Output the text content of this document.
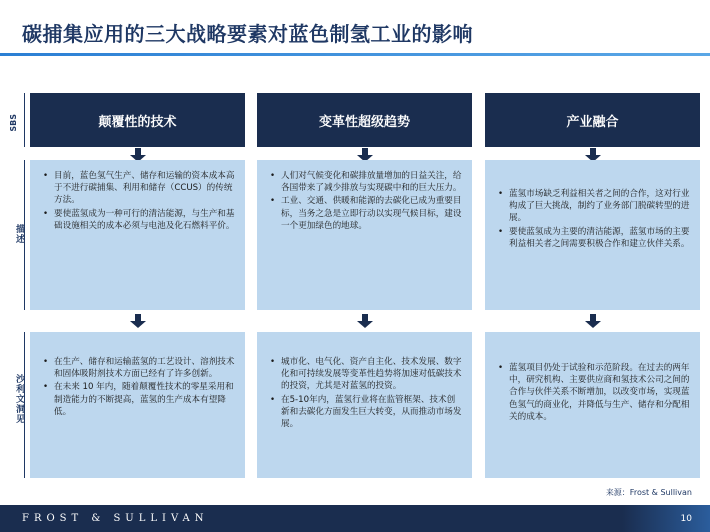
碳捕集应用的三大战略要素对蓝色制氢工业的影响
SBS
描述
沙利文洞见
颠覆性的技术
• 目前，蓝色氢气生产、储存和运输的资本成本高于不进行碳捕集、利用和储存（CCUS）的传统方法。
• 要使蓝氢成为一种可行的清洁能源，与生产和基础设施相关的成本必须与电池及化石燃料平价。
• 在生产、储存和运输蓝氢的工艺设计、溶剂技术和固体吸附剂技术方面已经有了许多创新。
• 在未来 10 年内，随着颠覆性技术的零星采用和制造能力的不断提高，蓝氢的生产成本有望降低。
变革性超级趋势
• 人们对气候变化和碳排放量增加的日益关注，给各国带来了减少排放与实现碳中和的巨大压力。
• 工业、交通、供暖和能源的去碳化已成为重要目标，当务之急是立即行动以实现气候目标，建设一个更加绿色的地球。
• 城市化、电气化、资产自主化、技术发展、数字化和可持续发展等变革性趋势将加速对低碳技术的投资，尤其是对蓝氢的投资。
• 在5-10年内，蓝氢行业将在监管框架、技术创新和去碳化方面发生巨大转变，从而推动市场发展。
产业融合
• 蓝氢市场缺乏利益相关者之间的合作，这对行业构成了巨大挑战，制约了业务部门脱碳转型的进展。
• 要使蓝氢成为主要的清洁能源，蓝氢市场的主要利益相关者之间需要积极合作和建立伙伴关系。
• 蓝氢项目仍处于试验和示范阶段。在过去的两年中，研究机构、主要供应商和氢技术公司之间的合作与伙伴关系不断增加，以改变市场，实现蓝色氢气的商业化，并降低与生产、储存和分配相关的成本。
来源：Frost & Sullivan
FROST & SULLIVAN	10
